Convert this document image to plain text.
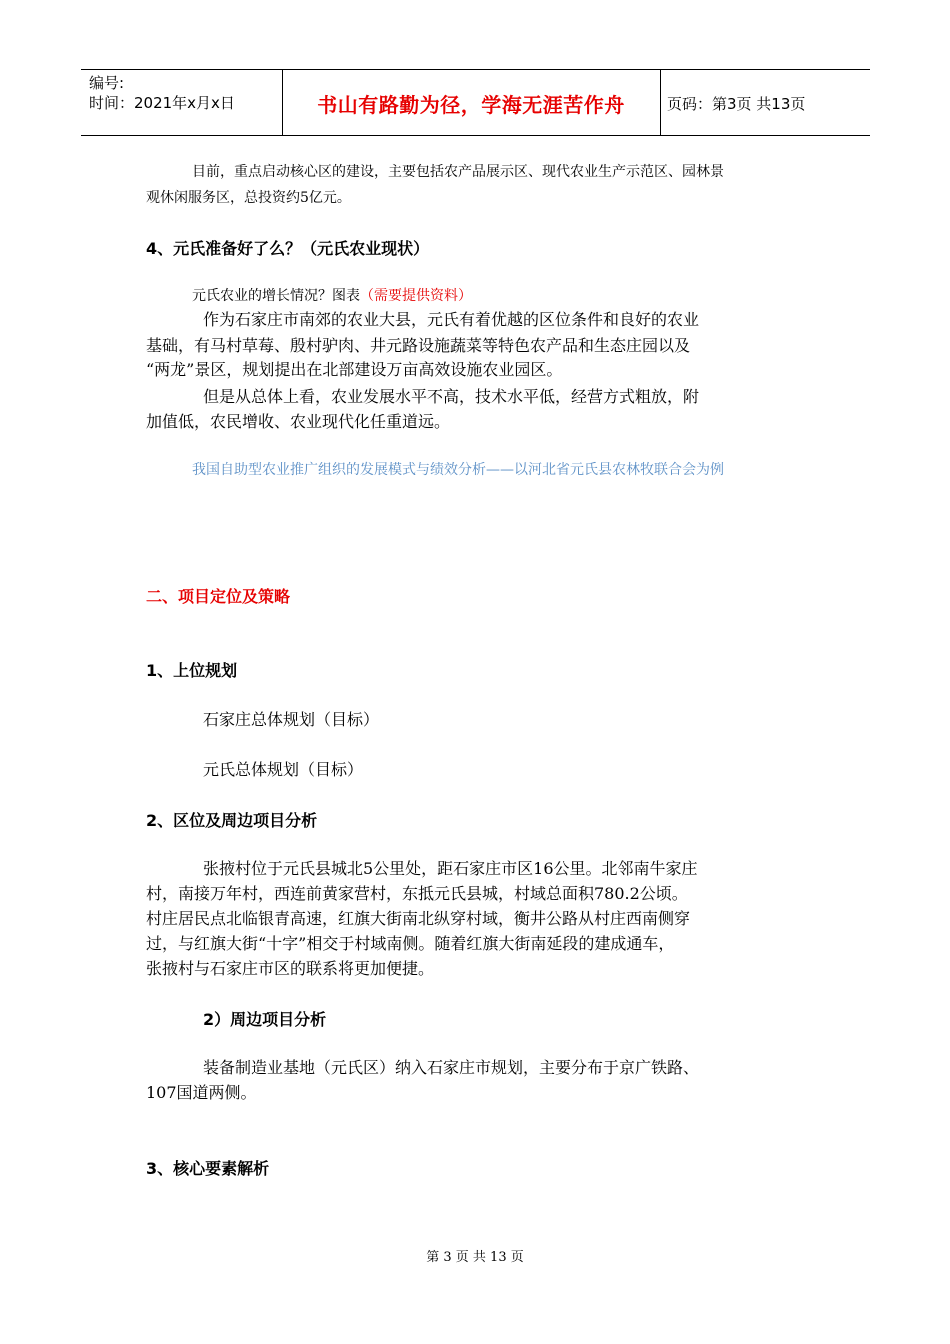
编号:
时间：2021年x月x日	书山有路勤为径，学海无涯苦作舟	页码：第3页 共13页
目前，重点启动核心区的建设，主要包括农产品展示区、现代农业生产示范区、园林景
观休闲服务区，总投资约5亿元。
4、元氏准备好了么？（元氏农业现状）
元氏农业的增长情况？图表（需要提供资料）
作为石家庄市南郊的农业大县，元氏有着优越的区位条件和良好的农业
基础，有马村草莓、殷村驴肉、井元路设施蔬菜等特色农产品和生态庄园以及
“两龙”景区，规划提出在北部建设万亩高效设施农业园区。
但是从总体上看，农业发展水平不高，技术水平低，经营方式粗放，附
加值低，农民增收、农业现代化任重道远。
我国自助型农业推广组织的发展模式与绩效分析——以河北省元氏县农林牧联合会为例
二、项目定位及策略
1、上位规划
石家庄总体规划（目标）
元氏总体规划（目标）
2、区位及周边项目分析
张掖村位于元氏县城北5公里处，距石家庄市区16公里。北邻南牛家庄
村，南接万年村，西连前黄家营村，东抵元氏县城，村域总面积780.2公顷。
村庄居民点北临银青高速，红旗大街南北纵穿村域，衡井公路从村庄西南侧穿
过，与红旗大街“十字”相交于村域南侧。随着红旗大街南延段的建成通车，
张掖村与石家庄市区的联系将更加便捷。
2）周边项目分析
装备制造业基地（元氏区）纳入石家庄市规划，主要分布于京广铁路、
107国道两侧。
3、核心要素解析
第 3 页 共 13 页
